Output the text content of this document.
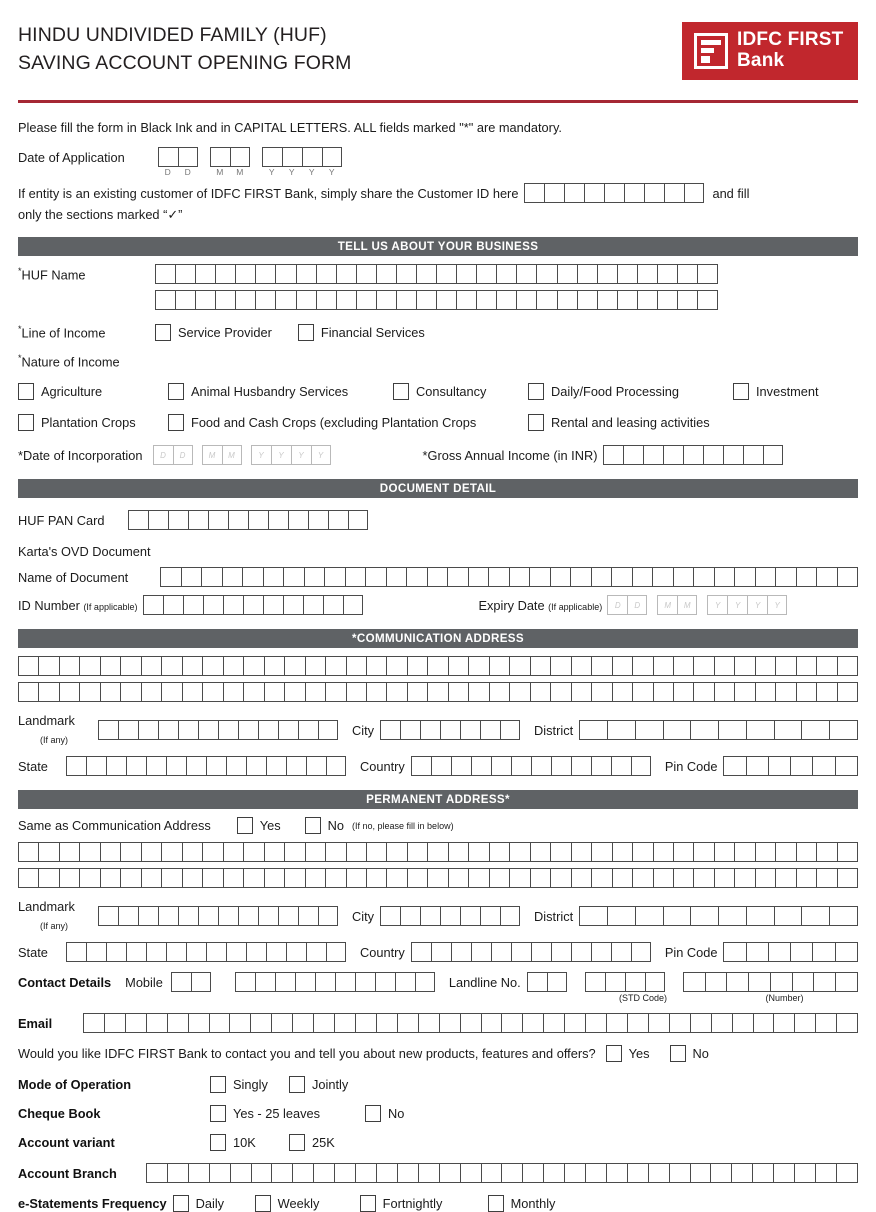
HINDU UNDIVIDED FAMILY (HUF)
SAVING ACCOUNT OPENING FORM
IDFC FIRST
Bank
Please fill the form in Black Ink and in CAPITAL LETTERS. ALL fields marked "*" are mandatory.
Date of Application
D	D	M	M	Y	Y	Y	Y
If entity is an existing customer of IDFC FIRST Bank, simply share the Customer ID here	and fill
only the sections marked “✓”
TELL US ABOUT YOUR BUSINESS
*HUF Name
*Line of Income	Service Provider	Financial Services
*Nature of Income
Agriculture	Animal Husbandry Services	Consultancy	Daily/Food Processing	Investment
Plantation Crops	Food and Cash Crops (excluding Plantation Crops	Rental and leasing activities
*Date of Incorporation	D	D	M	M	Y	Y	Y	Y	*Gross Annual Income (in INR)
DOCUMENT DETAIL
HUF PAN Card
Karta's OVD Document
Name of Document
ID Number (If applicable)	Expiry Date (If applicable)	D	D	M	M	Y	Y	Y	Y
*COMMUNICATION ADDRESS
Landmark
(If any)
City	District
State	Country	Pin Code
PERMANENT ADDRESS*
Same as Communication Address	Yes	No (If no, please fill in below)
Landmark
(If any)
City	District
State	Country	Pin Code
Contact Details Mobile	Landline No.
(STD Code)	(Number)
Email
Would you like IDFC FIRST Bank to contact you and tell you about new products, features and offers?	Yes	No
Mode of Operation	Singly	Jointly
Cheque Book	Yes - 25 leaves	No
Account variant	10K	25K
Account Branch
e-Statements Frequency Daily	Weekly	Fortnightly	Monthly
